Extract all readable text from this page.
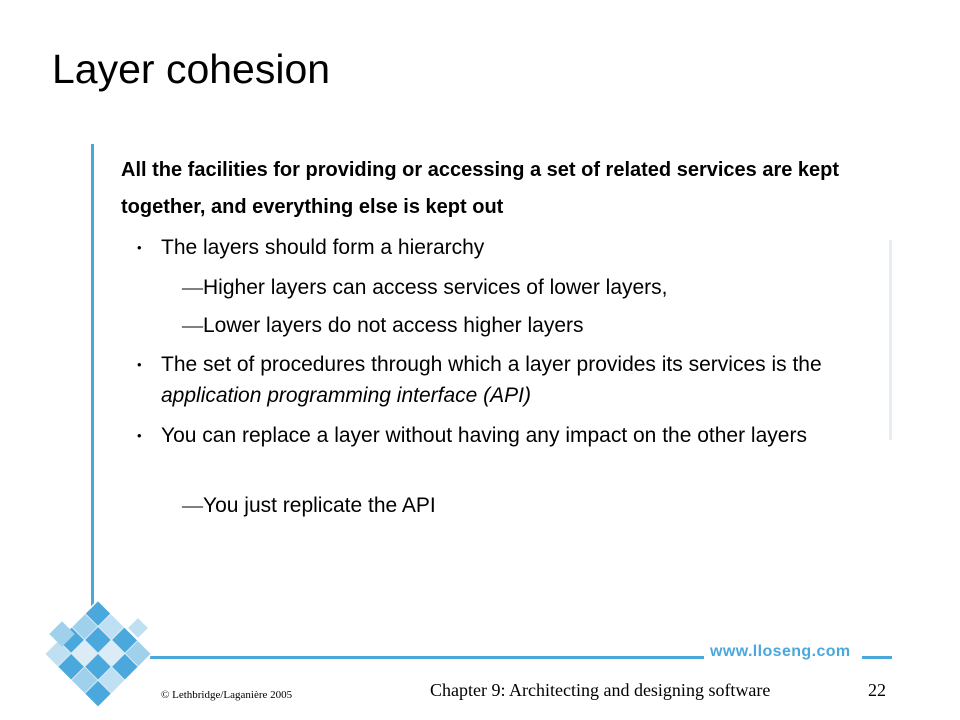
Layer cohesion
All the facilities for providing or accessing a set of related services are kept together, and everything else is kept out
• The layers should form a hierarchy
—Higher layers can access services of lower layers,
—Lower layers do not access higher layers
• The set of procedures through which a layer provides its services is the application programming interface (API)
• You can replace a layer without having any impact on the other layers
—You just replicate the API
www.lloseng.com
© Lethbridge/Laganière 2005	Chapter 9: Architecting and designing software	22
